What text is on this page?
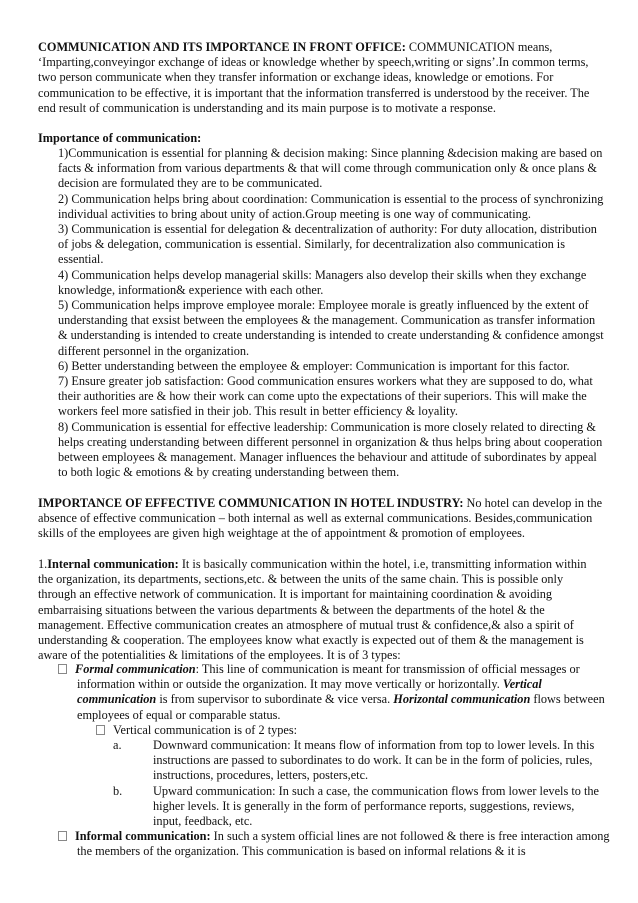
COMMUNICATION AND ITS IMPORTANCE IN FRONT OFFICE: COMMUNICATION means, ‘Imparting,conveyingor exchange of ideas or knowledge whether by speech,writing or signs’.In common terms, two person communicate when they transfer information or exchange ideas, knowledge or emotions. For communication to be effective, it is important that the information transferred is understood by the receiver. The end result of communication is understanding and its main purpose is to motivate a response.

Importance of communication:

1)Communication is essential for planning & decision making: Since planning &decision making are based on facts & information from various departments & that will come through communication only & once plans & decision are formulated they are to be communicated.

2) Communication helps bring about coordination: Communication is essential to the process of synchronizing individual activities to bring about unity of action.Group meeting is one way of communicating.

3) Communication is essential for delegation & decentralization of authority: For duty allocation, distribution of jobs & delegation, communication is essential. Similarly, for decentralization also communication is essential.

4) Communication helps develop managerial skills: Managers also develop their skills when they exchange knowledge, information& experience with each other.

5) Communication helps improve employee morale: Employee morale is greatly influenced by the extent of understanding that exsist between the employees & the management. Communication as transfer information & understanding is intended to create understanding is intended to create understanding & confidence amongst different personnel in the organization.

6) Better understanding between the employee & employer: Communication is important for this factor.

7) Ensure greater job satisfaction: Good communication ensures workers what they are supposed to do, what their authorities are & how their work can come upto the expectations of their superiors. This will make the workers feel more satisfied in their job. This result in better efficiency & loyality.

8) Communication is essential for effective leadership: Communication is more closely related to directing & helps creating understanding between different personnel in organization & thus helps bring about cooperation between employees & management. Manager influences the behaviour and attitude of subordinates by appeal to both logic & emotions & by creating understanding between them.

IMPORTANCE OF EFFECTIVE COMMUNICATION IN HOTEL INDUSTRY: No hotel can develop in the absence of effective communication – both internal as well as external communications. Besides,communication skills of the employees are given high weightage at the of appointment & promotion of employees.

1.Internal communication: It is basically communication within the hotel, i.e, transmitting information within the organization, its departments, sections,etc. & between the units of the same chain. This is possible only through an effective network of communication. It is important for maintaining coordination & avoiding embarraising situations between the various departments & between the departments of the hotel & the management. Effective communication creates an atmosphere of mutual trust & confidence,& also a spirit of understanding & cooperation. The employees know what exactly is expected out of them & the management is aware of the potentialities & limitations of the employees. It is of 3 types:

Formal communication: This line of communication is meant for transmission of official messages or information within or outside the organization. It may move vertically or horizontally. Vertical communication is from supervisor to subordinate & vice versa. Horizontal communication flows between employees of equal or comparable status.

Vertical communication is of 2 types:

a.	Downward communication: It means flow of information from top to lower levels. In this instructions are passed to subordinates to do work. It can be in the form of policies, rules, instructions, procedures, letters, posters,etc.

b.	Upward communication: In such a case, the communication flows from lower levels to the higher levels. It is generally in the form of performance reports, suggestions, reviews, input, feedback, etc.

Informal communication: In such a system official lines are not followed & there is free interaction among the members of the organization. This communication is based on informal relations & it is
